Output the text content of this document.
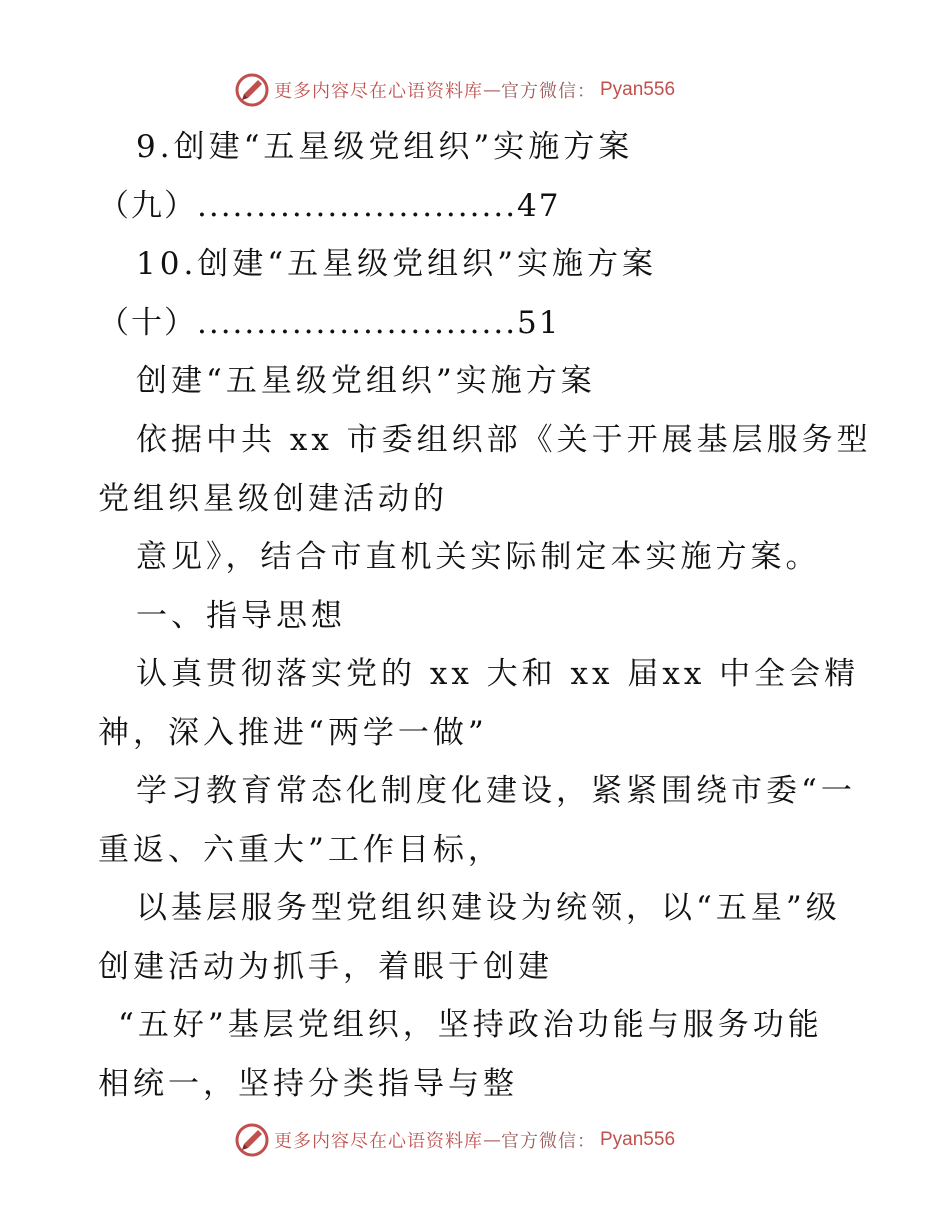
更多内容尽在心语资料库 — 官方微信： Pyan556
9.创建“五星级党组织”实施方案
（九）...........................47
10.创建“五星级党组织”实施方案
（十）...........................51
创建“五星级党组织”实施方案
依据中共 xx 市委组织部《关于开展基层服务型
党组织星级创建活动的
意见》，结合市直机关实际制定本实施方案。
一、指导思想
认真贯彻落实党的 xx 大和 xx 届xx 中全会精
神，深入推进“两学一做”
学习教育常态化制度化建设，紧紧围绕市委“一
重返、六重大”工作目标，
以基层服务型党组织建设为统领，以“五星”级
创建活动为抓手，着眼于创建
“五好”基层党组织，坚持政治功能与服务功能
相统一，坚持分类指导与整
更多内容尽在心语资料库 — 官方微信： Pyan556
